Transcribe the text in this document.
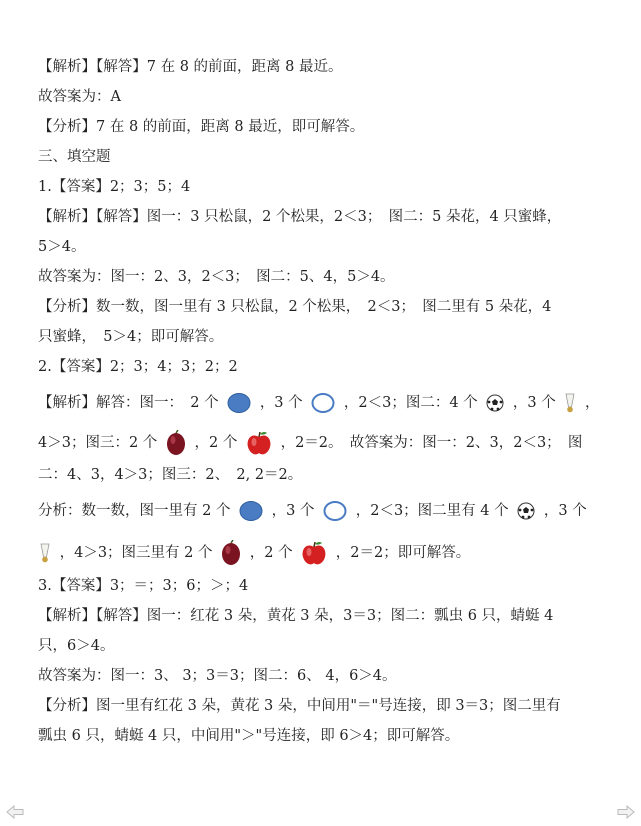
【解析】【解答】7 在 8 的前面，距离 8 最近。
故答案为：A
【分析】7 在 8 的前面，距离 8 最近，即可解答。
三、填空题
1.【答案】2；3；5；4
【解析】【解答】图一：3 只松鼠，2 个松果，2＜3；　图二：5 朵花，4 只蜜蜂，
5＞4。
故答案为：图一：2、3，2＜3；　图二：5、4，5＞4。
【分析】数一数，图一里有 3 只松鼠，2 个松果，　2＜3；　图二里有 5 朵花，4
只蜜蜂，　5＞4；即可解答。
2.【答案】2；3；4；3；2；2
【解析】解答：图一：　2 个	，3 个	，2＜3；图二：4 个 ，3 个 ，
4＞3；图三：2 个	，2 个	，2＝2。　故答案为：图一：2、3，2＜3；　图
二：4、3，4＞3；图三：2、　2, 2＝2。
分析：数一数，图一里有 2 个	，3 个	，2＜3；图二里有 4 个 ，3 个
，4＞3；图三里有 2 个	，2 个	，2＝2；即可解答。
3.【答案】3；＝；3；6；＞；4
【解析】【解答】图一：红花 3 朵，黄花 3 朵，3＝3；图二：瓢虫 6 只，蜻蜓 4
只，6＞4。
故答案为：图一：3、 3；3＝3；图二：6、 4，6＞4。
【分析】图一里有红花 3 朵，黄花 3 朵，中间用"＝"号连接，即 3＝3；图二里有
瓢虫 6 只，蜻蜓 4 只，中间用"＞"号连接，即 6＞4；即可解答。
